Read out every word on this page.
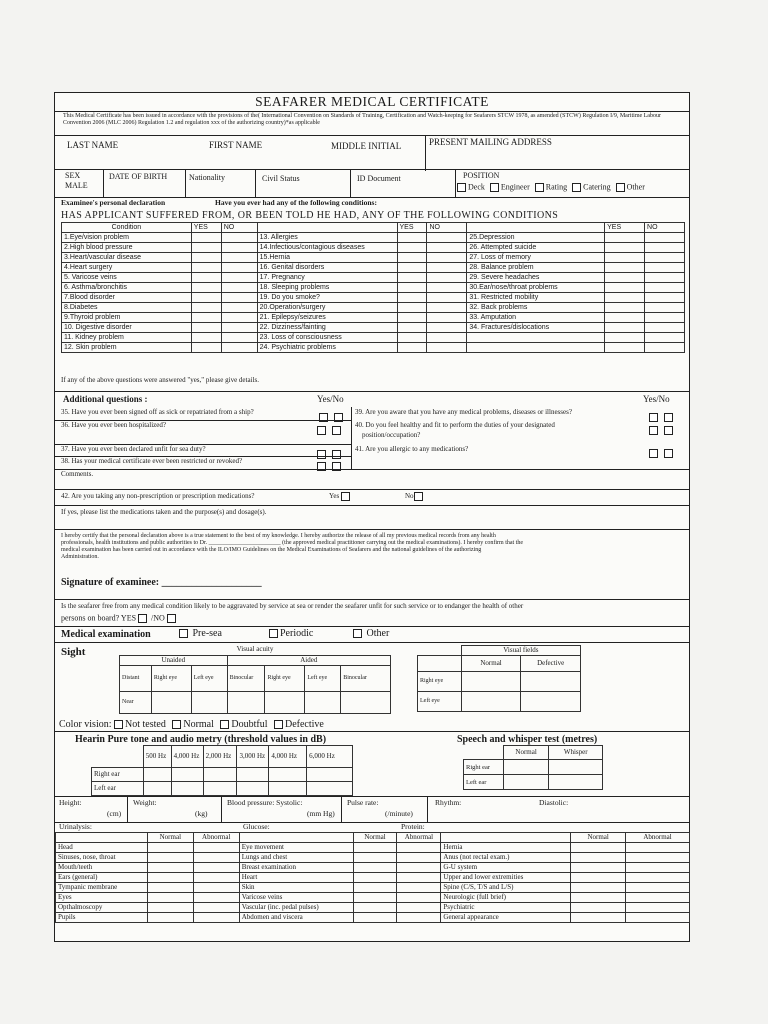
SEAFARER MEDICAL CERTIFICATE
This Medical Certificate has been issued in accordance with the provisions of the( International Convention on Standards of Training, Certification and Watch-keeping for Seafarers STCW 1978, as amended (STCW) Regulation I/9, Maritime Labour Convention 2006 (MLC 2006) Regulation 1.2 and regulation xxx of the authorizing country)*as applicable
LAST NAME	FIRST NAME	MIDDLE INITIAL	PRESENT MAILING ADDRESS
SEX
MALE
DATE OF BIRTH	Nationality	Civil Status	ID Document	POSITION
Deck Engineer Rating Catering Other
Examinee's personal declaration	Have you ever had any of the following conditions:
HAS APPLICANT SUFFERED FROM, OR BEEN TOLD HE HAD, ANY OF THE FOLLOWING CONDITIONS
Condition	YES	NO		YES	NO		YES	NO
1.Eye/vision problem			13. Allergies			25.Depression		
2.High blood pressure			14.Infectious/contagious diseases			26. Attempted suicide		
3.Heart/vascular disease			15.Hernia			27. Loss of memory		
4.Heart surgery			16. Genital disorders			28. Balance problem		
5. Varicose veins			17. Pregnancy			29. Severe headaches		
6. Asthma/bronchitis			18. Sleeping problems			30.Ear/nose/throat problems		
7.Blood disorder			19. Do you smoke?			31. Restricted mobility		
8.Diabetes			20.Operation/surgery			32. Back problems		
9.Thyroid problem			21. Epilepsy/seizures			33. Amputation		
10. Digestive disorder			22. Dizziness/fainting			34. Fractures/dislocations		
11. Kidney problem			23. Loss of consciousness					
12. Skin problem			24. Psychiatric problems					
If any of the above questions were answered "yes," please give details.
Additional questions :	Yes/No	Yes/No
35. Have you ever been signed off as sick or repatriated from a ship?
36. Have you ever been hospitalized?
37. Have you ever been declared unfit for sea duty?
38. Has your medical certificate ever been restricted or revoked?
39. Are you aware that you have any medical problems, diseases or illnesses?
40. Do you feel healthy and fit to perform the duties of your designated
position/occupation?
41. Are you allergic to any medications?
Comments.
42. Are you taking any non-prescription or prescription medications?	Yes	No
If yes, please list the medications taken and the purpose(s) and dosage(s).
I hereby certify that the personal declaration above is a true statement to the best of my knowledge. I hereby authorize the release of all my previous medical records from any health
professionals, health institutions and public authorities to Dr. ________________________ (the approved medical practitioner carrying out the medical examinations). I hereby confirm that the
medical examination has been carried out in accordance with the ILO/IMO Guidelines on the Medical Examinations of Seafarers and the national guidelines of the authorizing
Administration.
Signature of examinee: ____________________
Is the seafarer free from any medical condition likely to be aggravated by service at sea or render the seafarer unfit for such service or to endanger the health of other
persons on board? YES /NO
Medical examination	Pre-sea	Periodic	Other
Sight	Visual acuity						
Unaided			Aided			
Distant	Right eye	Left eye	Binocular	Right eye	Left eye	Binocular
Near						
	Visual fields	
	Normal	Defective
Right eye		
Left eye		
Color vision: Not tested Normal Doubtful Defective
Hearin Pure tone and audio metry (threshold values in dB)
	500 Hz	4,000 Hz	2,000 Hz	3,000 Hz	4,000 Hz	6,000 Hz
Right ear						
Left ear						
Speech and whisper test (metres)
	Normal	Whisper
Right ear		
Left ear		
Height:
(cm)
Weight:
(kg)
Blood pressure: Systolic:
(mm Hg)
Pulse rate:
(/minute)
Rhythm:	Diastolic:
Urinalysis:	Glucose:	Protein:
	Normal	Abnormal		Normal	Abnormal		Normal	Abnormal
Head			Eye movement			Hernia		
Sinuses, nose, throat			Lungs and chest			Anus (not rectal exam.)		
Mouth/teeth			Breast examination			G-U system		
Ears (general)			Heart			Upper and lower extremities		
Tympanic membrane			Skin			Spine (C/S, T/S and L/S)		
Eyes			Varicose veins			Neurologic (full brief)		
Opthalmoscopy			Vascular (inc. pedal pulses)			Psychiatric		
Pupils			Abdomen and viscera			General appearance		
